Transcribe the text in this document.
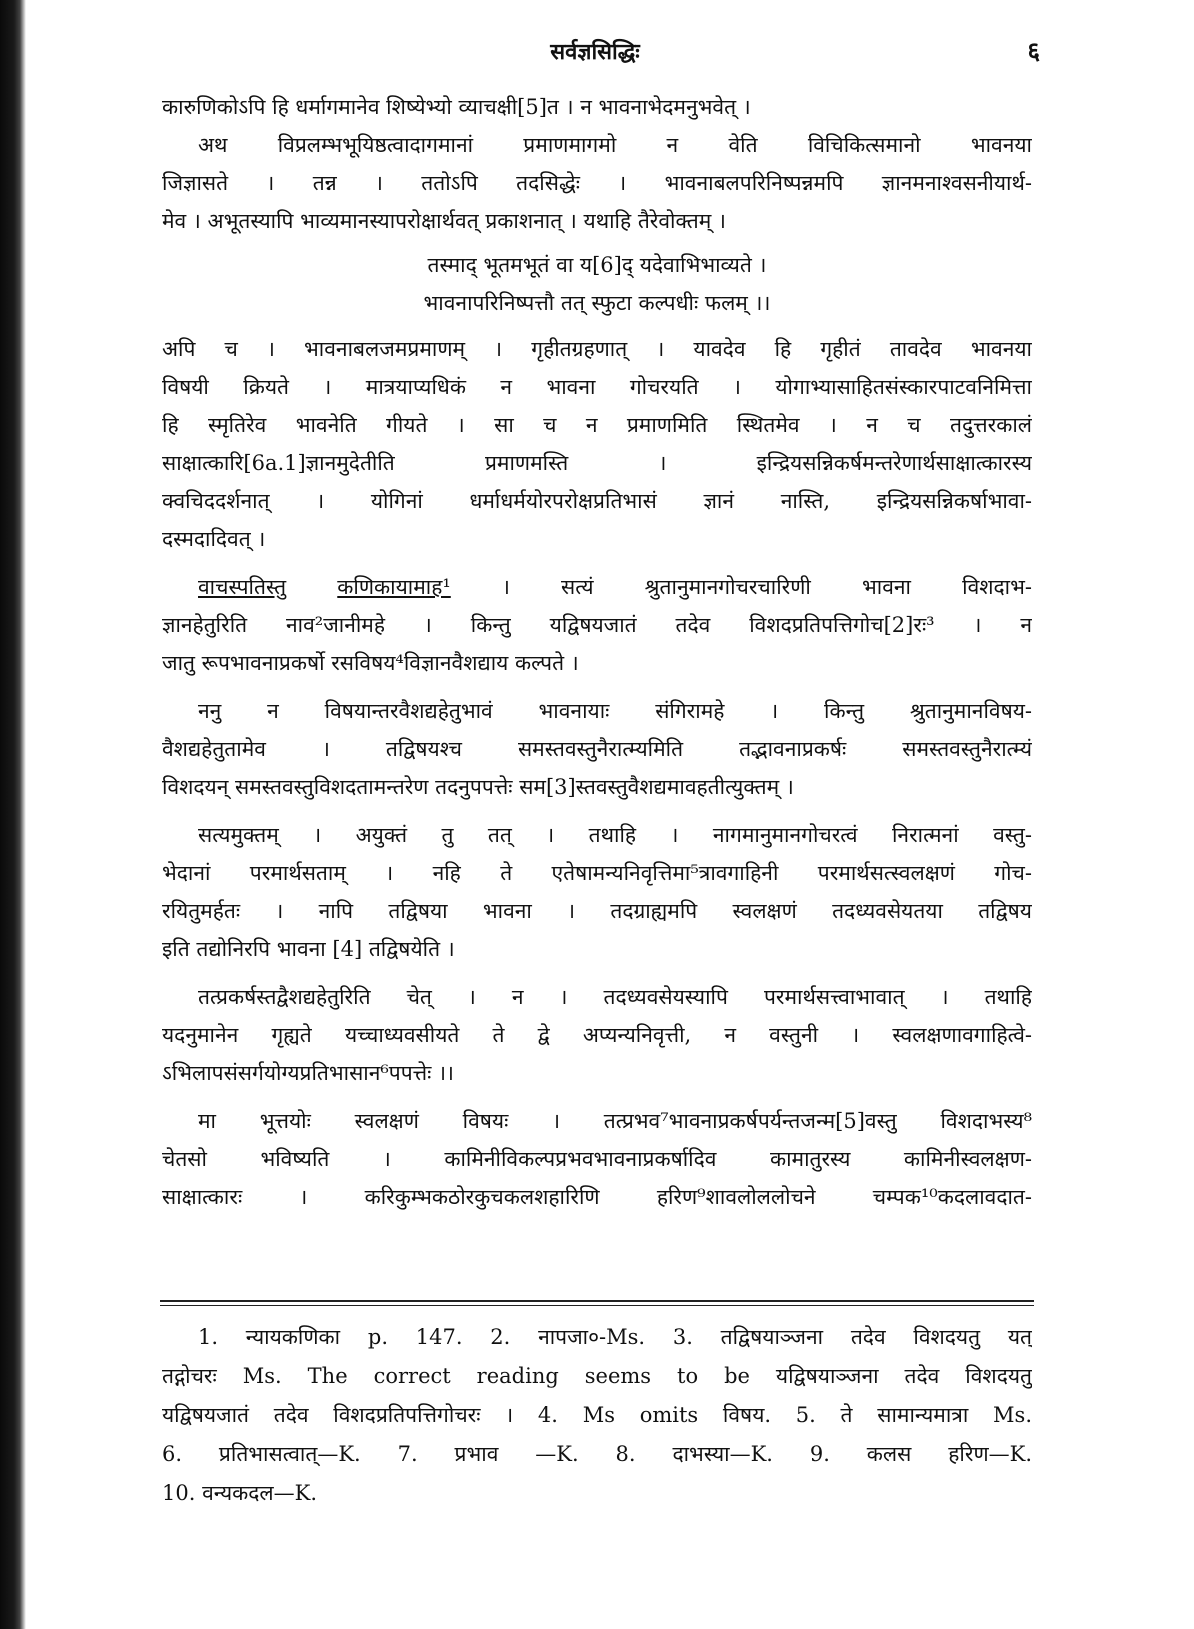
सर्वज्ञसिद्धिः	६
कारुणिकोऽपि हि धर्मागमानेव शिष्येभ्यो व्याचक्षी[5]त । न भावनाभेदमनुभवेत् ।
अथ विप्रलम्भभूयिष्ठत्वादागमानां प्रमाणमागमो न वेति विचिकित्समानो भावनया
जिज्ञासते । तन्न । ततोऽपि तदसिद्धेः । भावनाबलपरिनिष्पन्नमपि ज्ञानमनाश्वसनीयार्थ-
मेव । अभूतस्यापि भाव्यमानस्यापरोक्षार्थवत् प्रकाशनात् । यथाहि तैरेवोक्तम् ।
तस्माद् भूतमभूतं वा य[6]द् यदेवाभिभाव्यते ।
भावनापरिनिष्पत्तौ तत् स्फुटा कल्पधीः फलम् ।।
अपि च । भावनाबलजमप्रमाणम् । गृहीतग्रहणात् । यावदेव हि गृहीतं तावदेव भावनया
विषयी क्रियते । मात्रयाप्यधिकं न भावना गोचरयति । योगाभ्यासाहितसंस्कारपाटवनिमित्ता
हि स्मृतिरेव भावनेति गीयते । सा च न प्रमाणमिति स्थितमेव । न च तदुत्तरकालं
साक्षात्कारि[6a.1]ज्ञानमुदेतीति प्रमाणमस्ति । इन्द्रियसन्निकर्षमन्तरेणार्थसाक्षात्कारस्य
क्वचिददर्शनात् । योगिनां धर्माधर्मयोरपरोक्षप्रतिभासं ज्ञानं नास्ति, इन्द्रियसन्निकर्षाभावा-
दस्मदादिवत् ।
वाचस्पतिस्तु कणिकायामाह¹ । सत्यं श्रुतानुमानगोचरचारिणी भावना विशदाभ-
ज्ञानहेतुरिति नाव²जानीमहे । किन्तु यद्विषयजातं तदेव विशदप्रतिपत्तिगोच[2]रः³ । न
जातु रूपभावनाप्रकर्षो रसविषय⁴विज्ञानवैशद्याय कल्पते ।
ननु न विषयान्तरवैशद्यहेतुभावं भावनायाः संगिरामहे । किन्तु श्रुतानुमानविषय-
वैशद्यहेतुतामेव । तद्विषयश्च समस्तवस्तुनैरात्म्यमिति तद्भावनाप्रकर्षः समस्तवस्तुनैरात्म्यं
विशदयन् समस्तवस्तुविशदतामन्तरेण तदनुपपत्तेः सम[3]स्तवस्तुवैशद्यमावहतीत्युक्तम् ।
सत्यमुक्तम् । अयुक्तं तु तत् । तथाहि । नागमानुमानगोचरत्वं निरात्मनां वस्तु-
भेदानां परमार्थसताम् । नहि ते एतेषामन्यनिवृत्तिमा⁵त्रावगाहिनी परमार्थसत्स्वलक्षणं गोच-
रयितुमर्हतः । नापि तद्विषया भावना । तदग्राह्यमपि स्वलक्षणं तदध्यवसेयतया तद्विषय
इति तद्योनिरपि भावना [4] तद्विषयेति ।
तत्प्रकर्षस्तद्वैशद्यहेतुरिति चेत् । न । तदध्यवसेयस्यापि परमार्थसत्त्वाभावात् । तथाहि
यदनुमानेन गृह्यते यच्चाध्यवसीयते ते द्वे अप्यन्यनिवृत्ती, न वस्तुनी । स्वलक्षणावगाहित्वे-
ऽभिलापसंसर्गयोग्यप्रतिभासान⁶पपत्तेः ।।
मा भूत्तयोः स्वलक्षणं विषयः । तत्प्रभव⁷भावनाप्रकर्षपर्यन्तजन्म[5]वस्तु विशदाभस्य⁸
चेतसो भविष्यति । कामिनीविकल्पप्रभवभावनाप्रकर्षादिव कामातुरस्य कामिनीस्वलक्षण-
साक्षात्कारः । करिकुम्भकठोरकुचकलशहारिणि हरिण⁹शावलोललोचने चम्पक¹⁰कदलावदात-
1. न्यायकणिका p. 147. 2. नापजा०-Ms. 3. तद्विषयाञ्जना तदेव विशदयतु यत्
तद्गोचरः Ms. The correct reading seems to be यद्विषयाञ्जना तदेव विशदयतु
यद्विषयजातं तदेव विशदप्रतिपत्तिगोचरः । 4. Ms omits विषय. 5. ते सामान्यमात्रा Ms.
6. प्रतिभासत्वात्—K. 7. प्रभाव —K. 8. दाभस्या—K. 9. कलस हरिण—K.
10. वन्यकदल—K.
